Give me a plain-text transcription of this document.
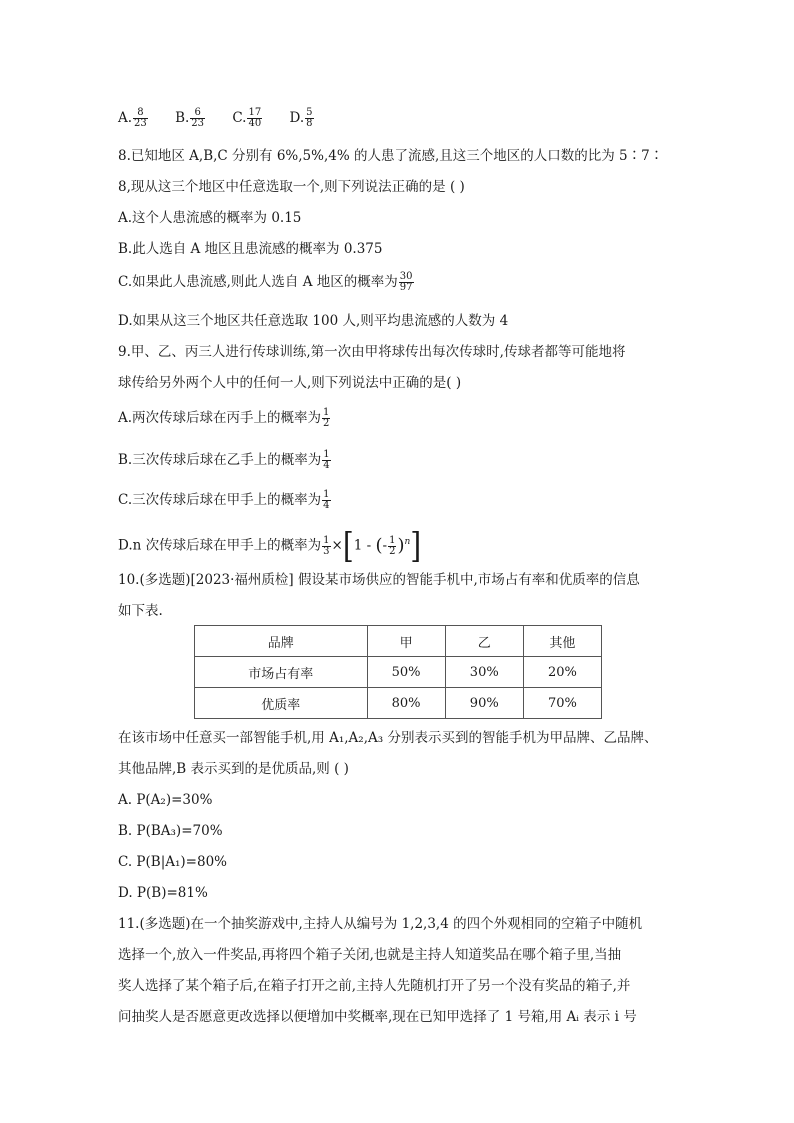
A. $\frac{8}{23} B$. $\frac{6}{23} C$. $\frac{17}{40} D$. $\frac{5}{8}$
8.已知地区 A,B,C 分别有 6%,5%,4% 的人患了流感,且这三个地区的人口数的比为 5∶7∶
8,现从这三个地区中任意选取一个,则下列说法正确的是 ( )
A.这个人患流感的概率为 0.15
B.此人选自 A 地区且患流感的概率为 0.375
C.如果此人患流感,则此人选自 A 地区的概率为 $\frac{30}{97}$
D.如果从这三个地区共任意选取 100 人,则平均患流感的人数为 4
9.甲、乙、丙三人进行传球训练,第一次由甲将球传出每次传球时,传球者都等可能地将
球传给另外两个人中的任何一人,则下列说法中正确的是( )
A.两次传球后球在丙手上的概率为 $\frac{1}{2}$
B.三次传球后球在乙手上的概率为 $\frac{1}{4}$
C.三次传球后球在甲手上的概率为 $\frac{1}{4}$
D.n 次传球后球在甲手上的概率为 $\frac{1}{3} \times[1$ - (- $\frac{1}{2} )^n$]
10.(多选题)[2023·福州质检] 假设某市场供应的智能手机中,市场占有率和优质率的信息
如下表.
品牌	甲	乙	其他
市场占有率	50%	30%	20%
优质率	80%	90%	70%
在该市场中任意买一部智能手机,用 A₁,A₂,A₃ 分别表示买到的智能手机为甲品牌、乙品牌、
其他品牌,B 表示买到的是优质品,则 ( )
A. P(A₂)=30%
B. P(BA₃)=70%
C. P(B|A₁)=80%
D. P(B)=81%
11.(多选题)在一个抽奖游戏中,主持人从编号为 1,2,3,4 的四个外观相同的空箱子中随机
选择一个,放入一件奖品,再将四个箱子关闭,也就是主持人知道奖品在哪个箱子里,当抽
奖人选择了某个箱子后,在箱子打开之前,主持人先随机打开了另一个没有奖品的箱子,并
问抽奖人是否愿意更改选择以便增加中奖概率,现在已知甲选择了 1 号箱,用 Aᵢ 表示 i 号
